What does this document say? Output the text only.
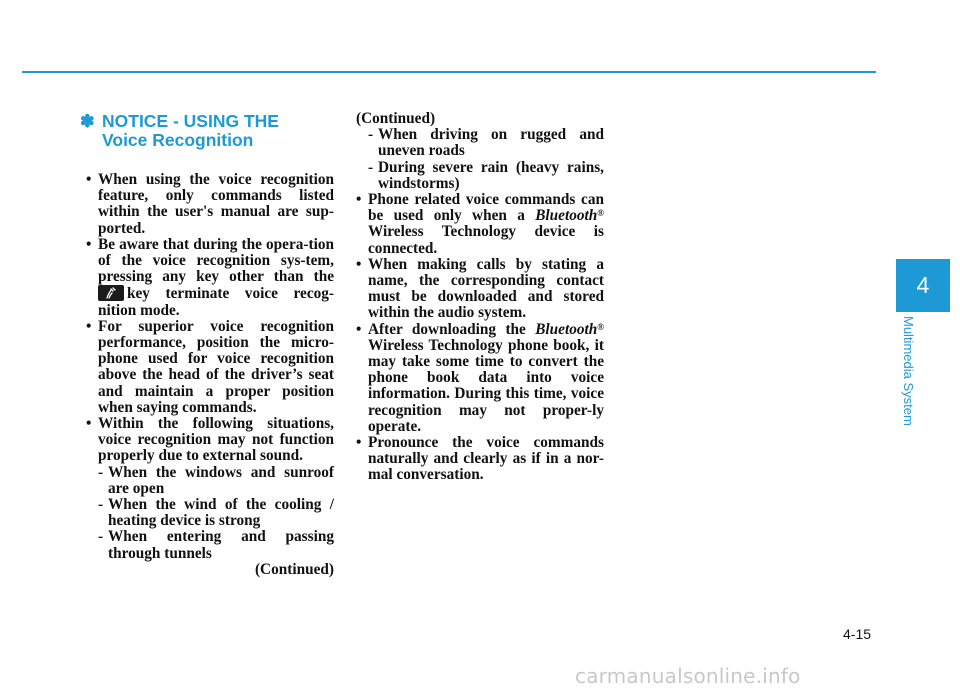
✽ NOTICE - USING THE
Voice Recognition
• When using the voice recognition feature, only commands listed within the user's manual are sup-ported.
• Be aware that during the opera-tion of the voice recognition sys-tem, pressing any key other than the
key terminate voice recog-nition mode.
• For superior voice recognition performance, position the micro-phone used for voice recognition above the head of the driver’s seat and maintain a proper position when saying commands.
• Within the following situations, voice recognition may not function properly due to external sound.
- When the windows and sunroof are open
- When the wind of the cooling / heating device is strong
- When entering and passing through tunnels
(Continued)
(Continued)
- When driving on rugged and uneven roads
- During severe rain (heavy rains, windstorms)
• Phone related voice commands can be used only when a Bluetooth® Wireless Technology device is connected.
• When making calls by stating a name, the corresponding contact must be downloaded and stored within the audio system.
• After downloading the Bluetooth® Wireless Technology phone book, it may take some time to convert the phone book data into voice information. During this time, voice recognition may not proper-ly operate.
• Pronounce the voice commands naturally and clearly as if in a nor-mal conversation.
4
Multimedia System
4-15
carmanualsonline.info
